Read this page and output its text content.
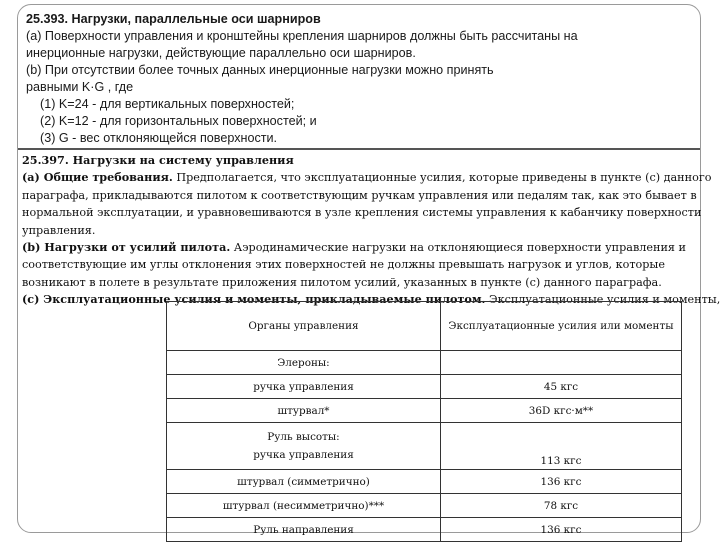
25.393. Нагрузки, параллельные оси шарниров
(a) Поверхности управления и кронштейны крепления шарниров должны быть рассчитаны на
инерционные нагрузки, действующие параллельно оси шарниров.
(b) При отсутствии более точных данных инерционные нагрузки можно принять
равными K·G , где
(1) K=24 - для вертикальных поверхностей;
(2) K=12 - для горизонтальных поверхностей; и
(3) G - вес отклоняющейся поверхности.
25.397. Нагрузки на систему управления
(a) Общие требования. Предполагается, что эксплуатационные усилия, которые приведены в пункте (с) данного
параграфа, прикладываются пилотом к соответствующим ручкам управления или педалям так, как это бывает в
нормальной эксплуатации, и уравновешиваются в узле крепления системы управления к кабанчику поверхности
управления.
(b) Нагрузки от усилий пилота. Аэродинамические нагрузки на отклоняющиеся поверхности управления и
соответствующие им углы отклонения этих поверхностей не должны превышать нагрузок и углов, которые
возникают в полете в результате приложения пилотом усилий, указанных в пункте (с) данного параграфа.
(с) Эксплуатационные усилия и моменты, прикладываемые пилотом. Эксплуатационные усилия и моменты,
Органы управления	Эксплуатационные усилия или моменты
Элероны:	
ручка управления	45 кгс
штурвал*	36D кгс·м**

Руль высоты:
ручка управления	113 кгс
штурвал (симметрично)	136 кгс
штурвал (несимметрично)***	78 кгс
Руль направления	136 кгс
